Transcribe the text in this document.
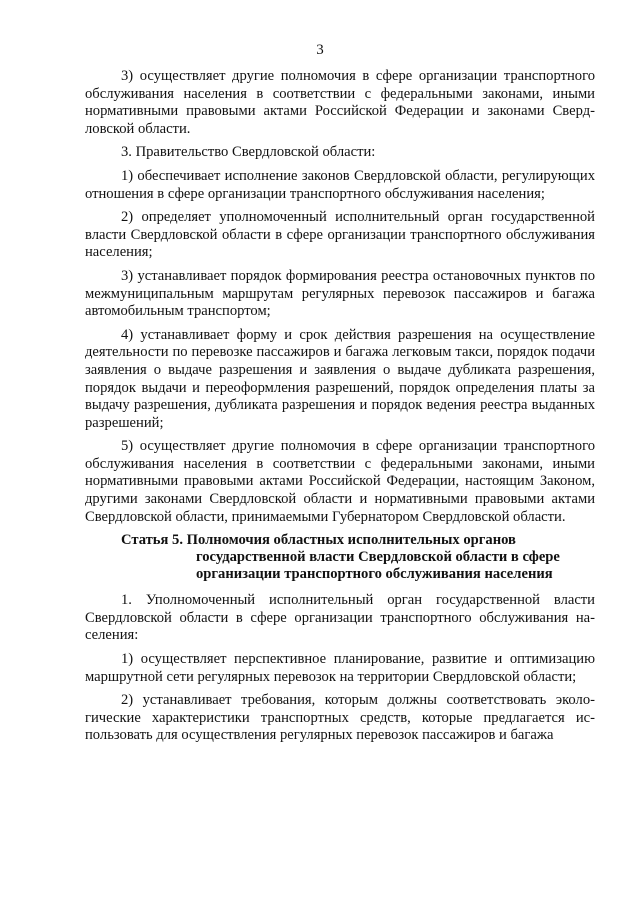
3

3) осуществляет другие полномочия в сфере организации транспортного обслуживания населения в соответствии с федеральными законами, иными нормативными правовыми актами Российской Федерации и законами Свердловской области.

3. Правительство Свердловской области:

1) обеспечивает исполнение законов Свердловской области, регулирующих отношения в сфере организации транспортного обслуживания населения;

2) определяет уполномоченный исполнительный орган государственной власти Свердловской области в сфере организации транспортного обслуживания населения;

3) устанавливает порядок формирования реестра остановочных пунктов по межмуниципальным маршрутам регулярных перевозок пассажиров и багажа автомобильным транспортом;

4) устанавливает форму и срок действия разрешения на осуществление деятельности по перевозке пассажиров и багажа легковым такси, порядок подачи заявления о выдаче разрешения и заявления о выдаче дубликата разрешения, порядок выдачи и переоформления разрешений, порядок определения платы за выдачу разрешения, дубликата разрешения и порядок ведения реестра выданных разрешений;

5) осуществляет другие полномочия в сфере организации транспортного обслуживания населения в соответствии с федеральными законами, иными нормативными правовыми актами Российской Федерации, настоящим Законом, другими законами Свердловской области и нормативными правовыми актами Свердловской области, принимаемыми Губернатором Свердловской области.

Статья 5. Полномочия областных исполнительных органов
государственной власти Свердловской области в сфере
организации транспортного обслуживания населения

1. Уполномоченный исполнительный орган государственной власти Свердловской области в сфере организации транспортного обслуживания населения:

1) осуществляет перспективное планирование, развитие и оптимизацию маршрутной сети регулярных перевозок на территории Свердловской области;

2) устанавливает требования, которым должны соответствовать экологические характеристики транспортных средств, которые предлагается использовать для осуществления регулярных перевозок пассажиров и багажа
